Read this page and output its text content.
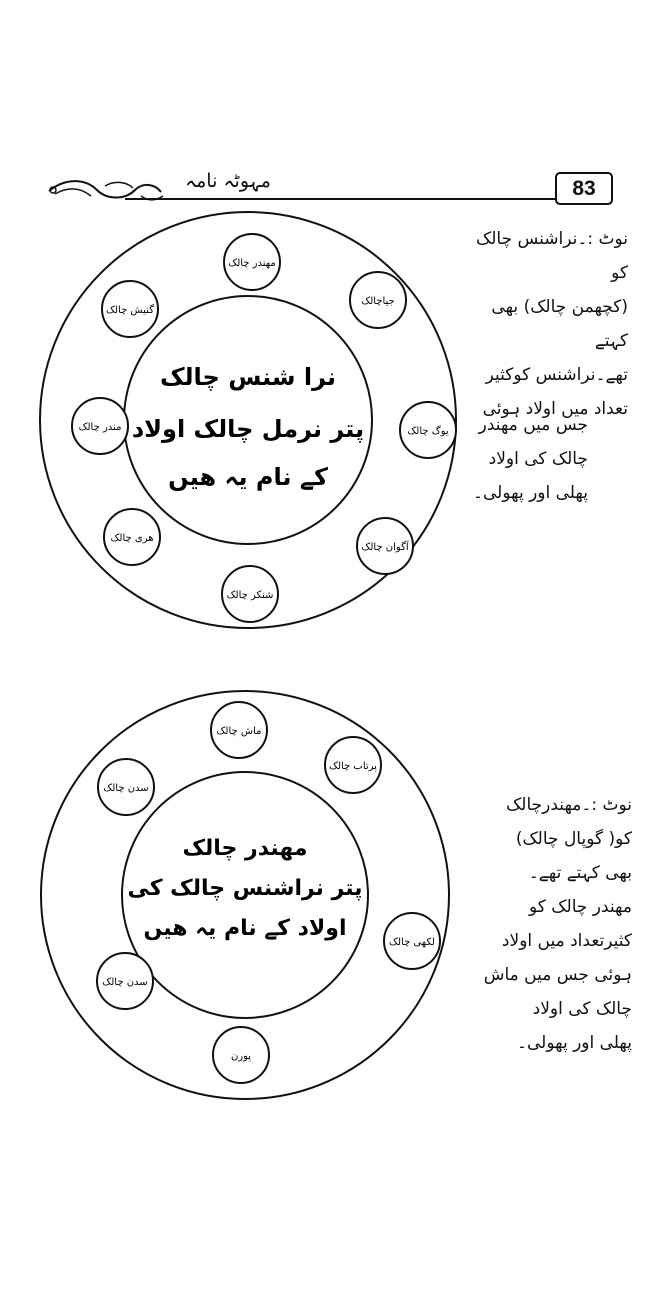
83
مہوٹہ نامہ
نرا شنس چالک
پتر نرمل چالک اولاد
کے نام یہ هیں
مهندر چالک
جیاچالک
یوگ چالک
آگوان چالک
شنکر چالک
هری چالک
مندر چالک
گنیش چالک
نوٹ :۔نراشنس چالک کو
(کچھمن چالک) بھی کہتے
تھے۔نراشنس کوکثیر
تعداد میں اولاد ہوئی
جس میں مھندر
چالک کی اولاد
پھلی اور پھولی۔
مهندر چالک
پتر نراشنس چالک کی
اولاد کے نام یہ هیں
ماش چالک
پرتاب چالک
لکھی چالک
پورن
سدن چالک
سدن چالک
نوٹ :۔مھندرچالک
کو( گوپال چالک)
بھی کہتے تھے۔
مھندر چالک کو
کثیرتعداد میں اولاد
ہوئی جس میں ماش
چالک کی اولاد
پھلی اور پھولی۔
